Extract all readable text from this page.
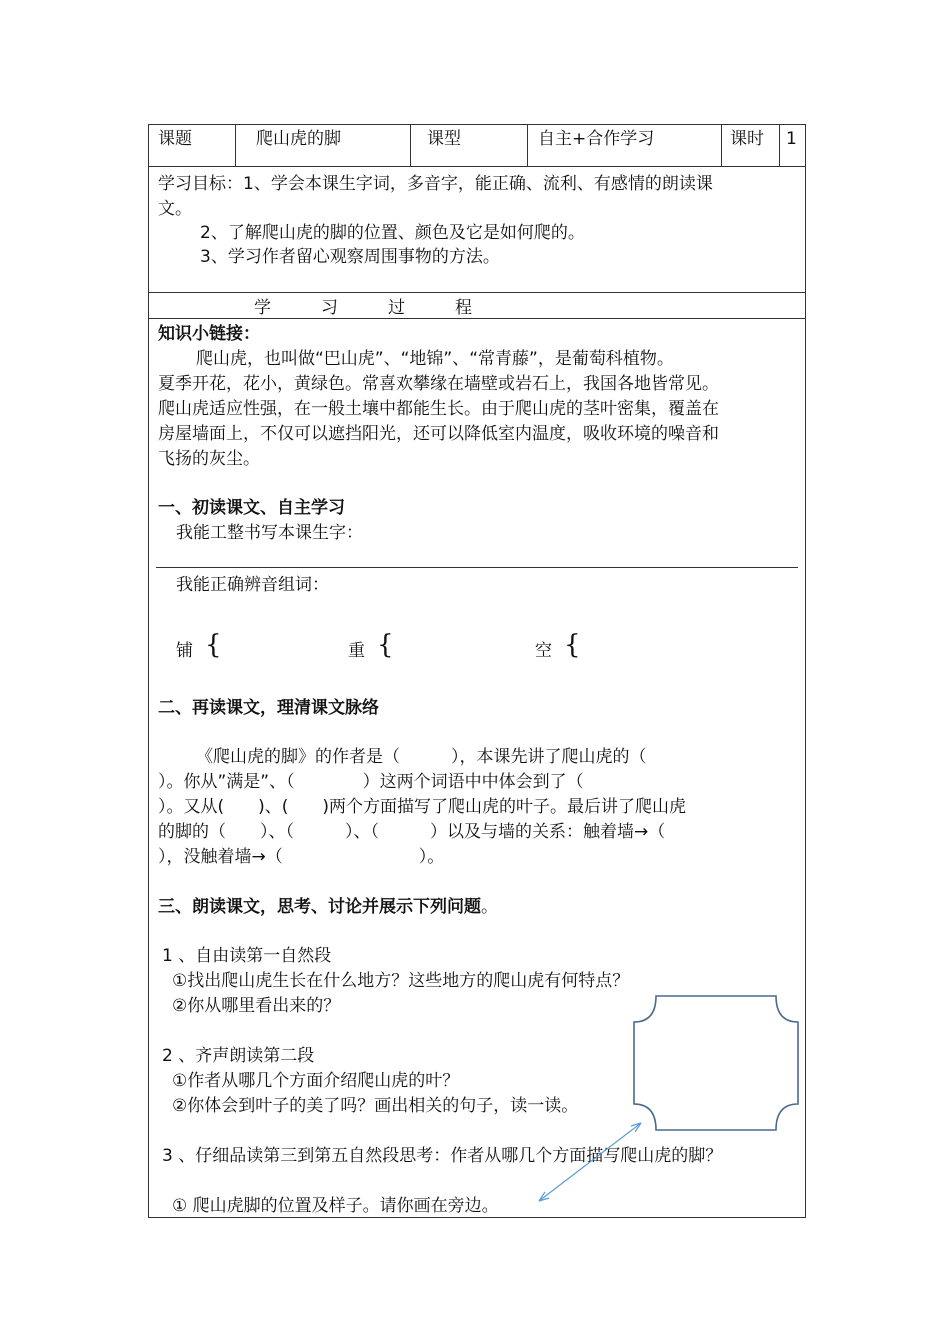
课题	爬山虎的脚	课型	自主+合作学习	课时 1
学习目标：1、学会本课生字词，多音字，能正确、流利、有感情的朗读课
文。
2、了解爬山虎的脚的位置、颜色及它是如何爬的。
3、学习作者留心观察周围事物的方法。
学	习	过	程
知识小链接：
爬山虎，也叫做“巴山虎”、“地锦”、“常青藤”，是葡萄科植物。
夏季开花，花小，黄绿色。常喜欢攀缘在墙壁或岩石上，我国各地皆常见。
爬山虎适应性强，在一般土壤中都能生长。由于爬山虎的茎叶密集，覆盖在
房屋墙面上，不仅可以遮挡阳光，还可以降低室内温度，吸收环境的噪音和
飞扬的灰尘。
一、初读课文、自主学习
我能工整书写本课生字：
我能正确辨音组词：
铺 {	重 {	空 {
二、再读课文，理清课文脉络
《爬山虎的脚》的作者是（　　　），本课先讲了爬山虎的（
）。你从”满是”、（　　　　）这两个词语中中体会到了（
）。又从(　　)、(　　)两个方面描写了爬山虎的叶子。最后讲了爬山虎
的脚的（　　）、（　　　）、（　　　）以及与墙的关系：触着墙→（
），没触着墙→（　　　　　　　　）。
三、朗读课文，思考、讨论并展示下列问题。
1 、自由读第一自然段
①找出爬山虎生长在什么地方？这些地方的爬山虎有何特点？
②你从哪里看出来的？
2 、齐声朗读第二段
①作者从哪几个方面介绍爬山虎的叶？
②你体会到叶子的美了吗？画出相关的句子，读一读。
3 、仔细品读第三到第五自然段思考：作者从哪几个方面描写爬山虎的脚？
① 爬山虎脚的位置及样子。请你画在旁边。
